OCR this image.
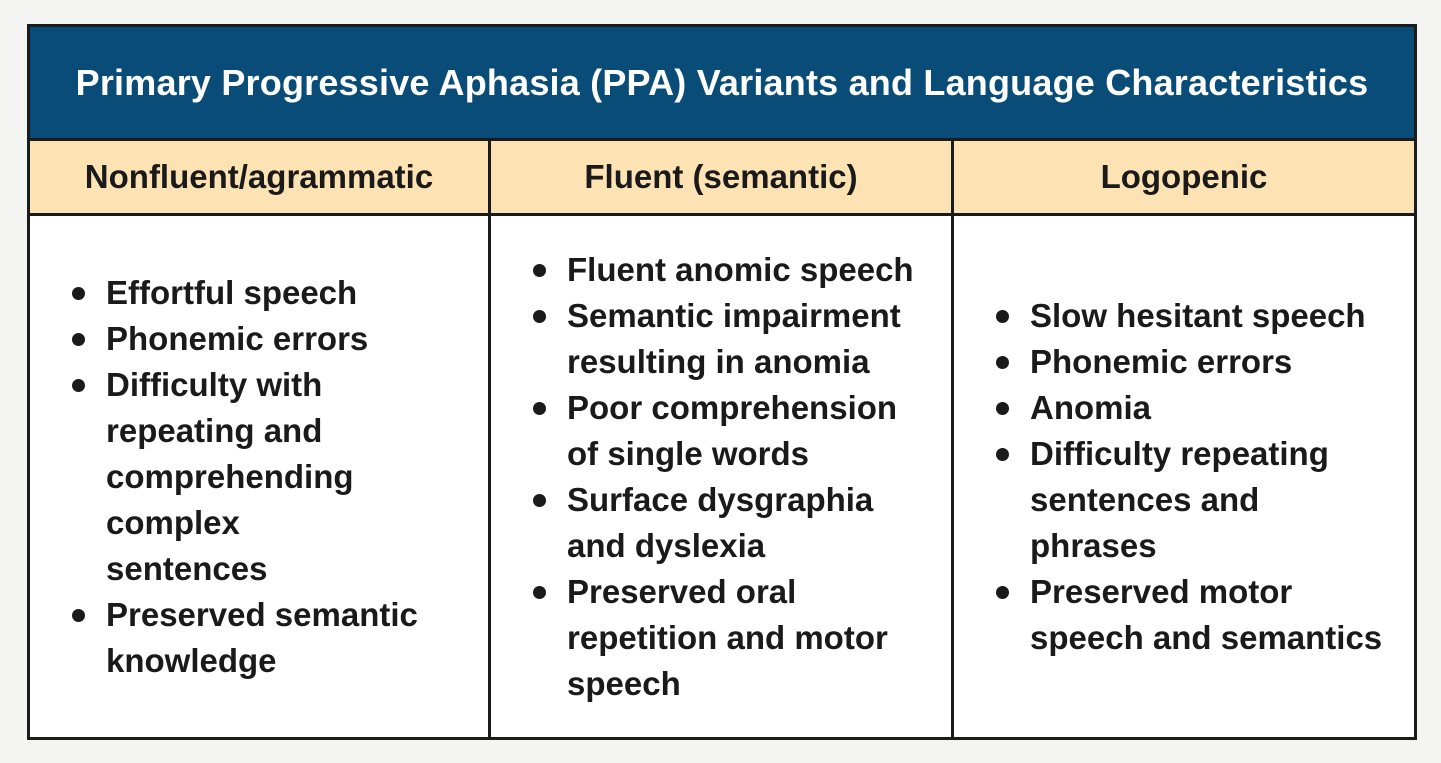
Primary Progressive Aphasia (PPA) Variants and Language Characteristics
Nonfluent/agrammatic	Fluent (semantic)	Logopenic
Effortful speech
Phonemic errors
Difficulty with repeating and comprehending complex sentences
Preserved semantic knowledge
Fluent anomic speech
Semantic impairment resulting in anomia
Poor comprehension of single words
Surface dysgraphia and dyslexia
Preserved oral repetition and motor speech
Slow hesitant speech
Phonemic errors
Anomia
Difficulty repeating sentences and phrases
Preserved motor speech and semantics
